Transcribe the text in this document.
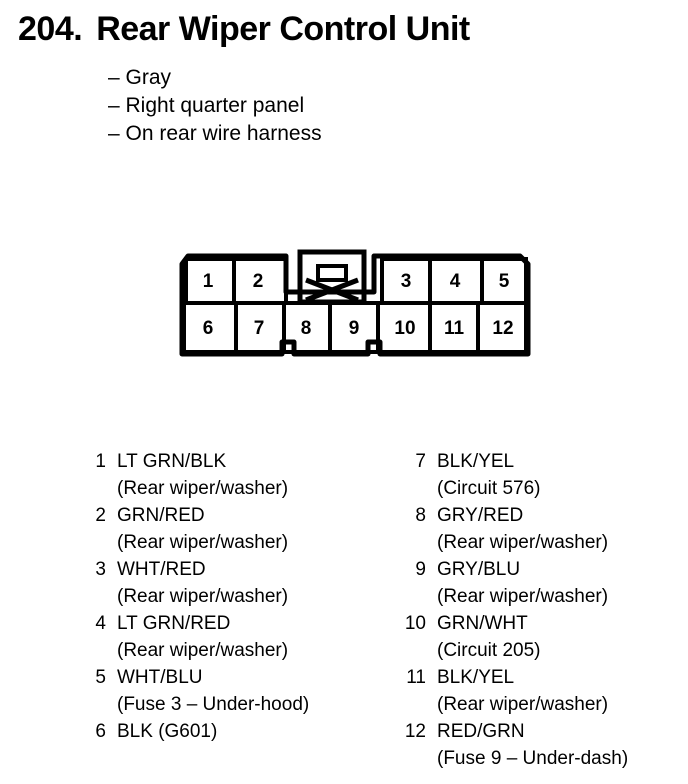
204. Rear Wiper Control Unit
– Gray
– Right quarter panel
– On rear wire harness
1 2	3 4 5
6 7 8 9 10 11 12
1 LT GRN/BLK
(Rear wiper/washer)
2 GRN/RED
(Rear wiper/washer)
3 WHT/RED
(Rear wiper/washer)
4 LT GRN/RED
(Rear wiper/washer)
5 WHT/BLU
(Fuse 3 – Under-hood)
6 BLK (G601)
7 BLK/YEL
(Circuit 576)
8 GRY/RED
(Rear wiper/washer)
9 GRY/BLU
(Rear wiper/washer)
10 GRN/WHT
(Circuit 205)
11 BLK/YEL
(Rear wiper/washer)
12 RED/GRN
(Fuse 9 – Under-dash)
